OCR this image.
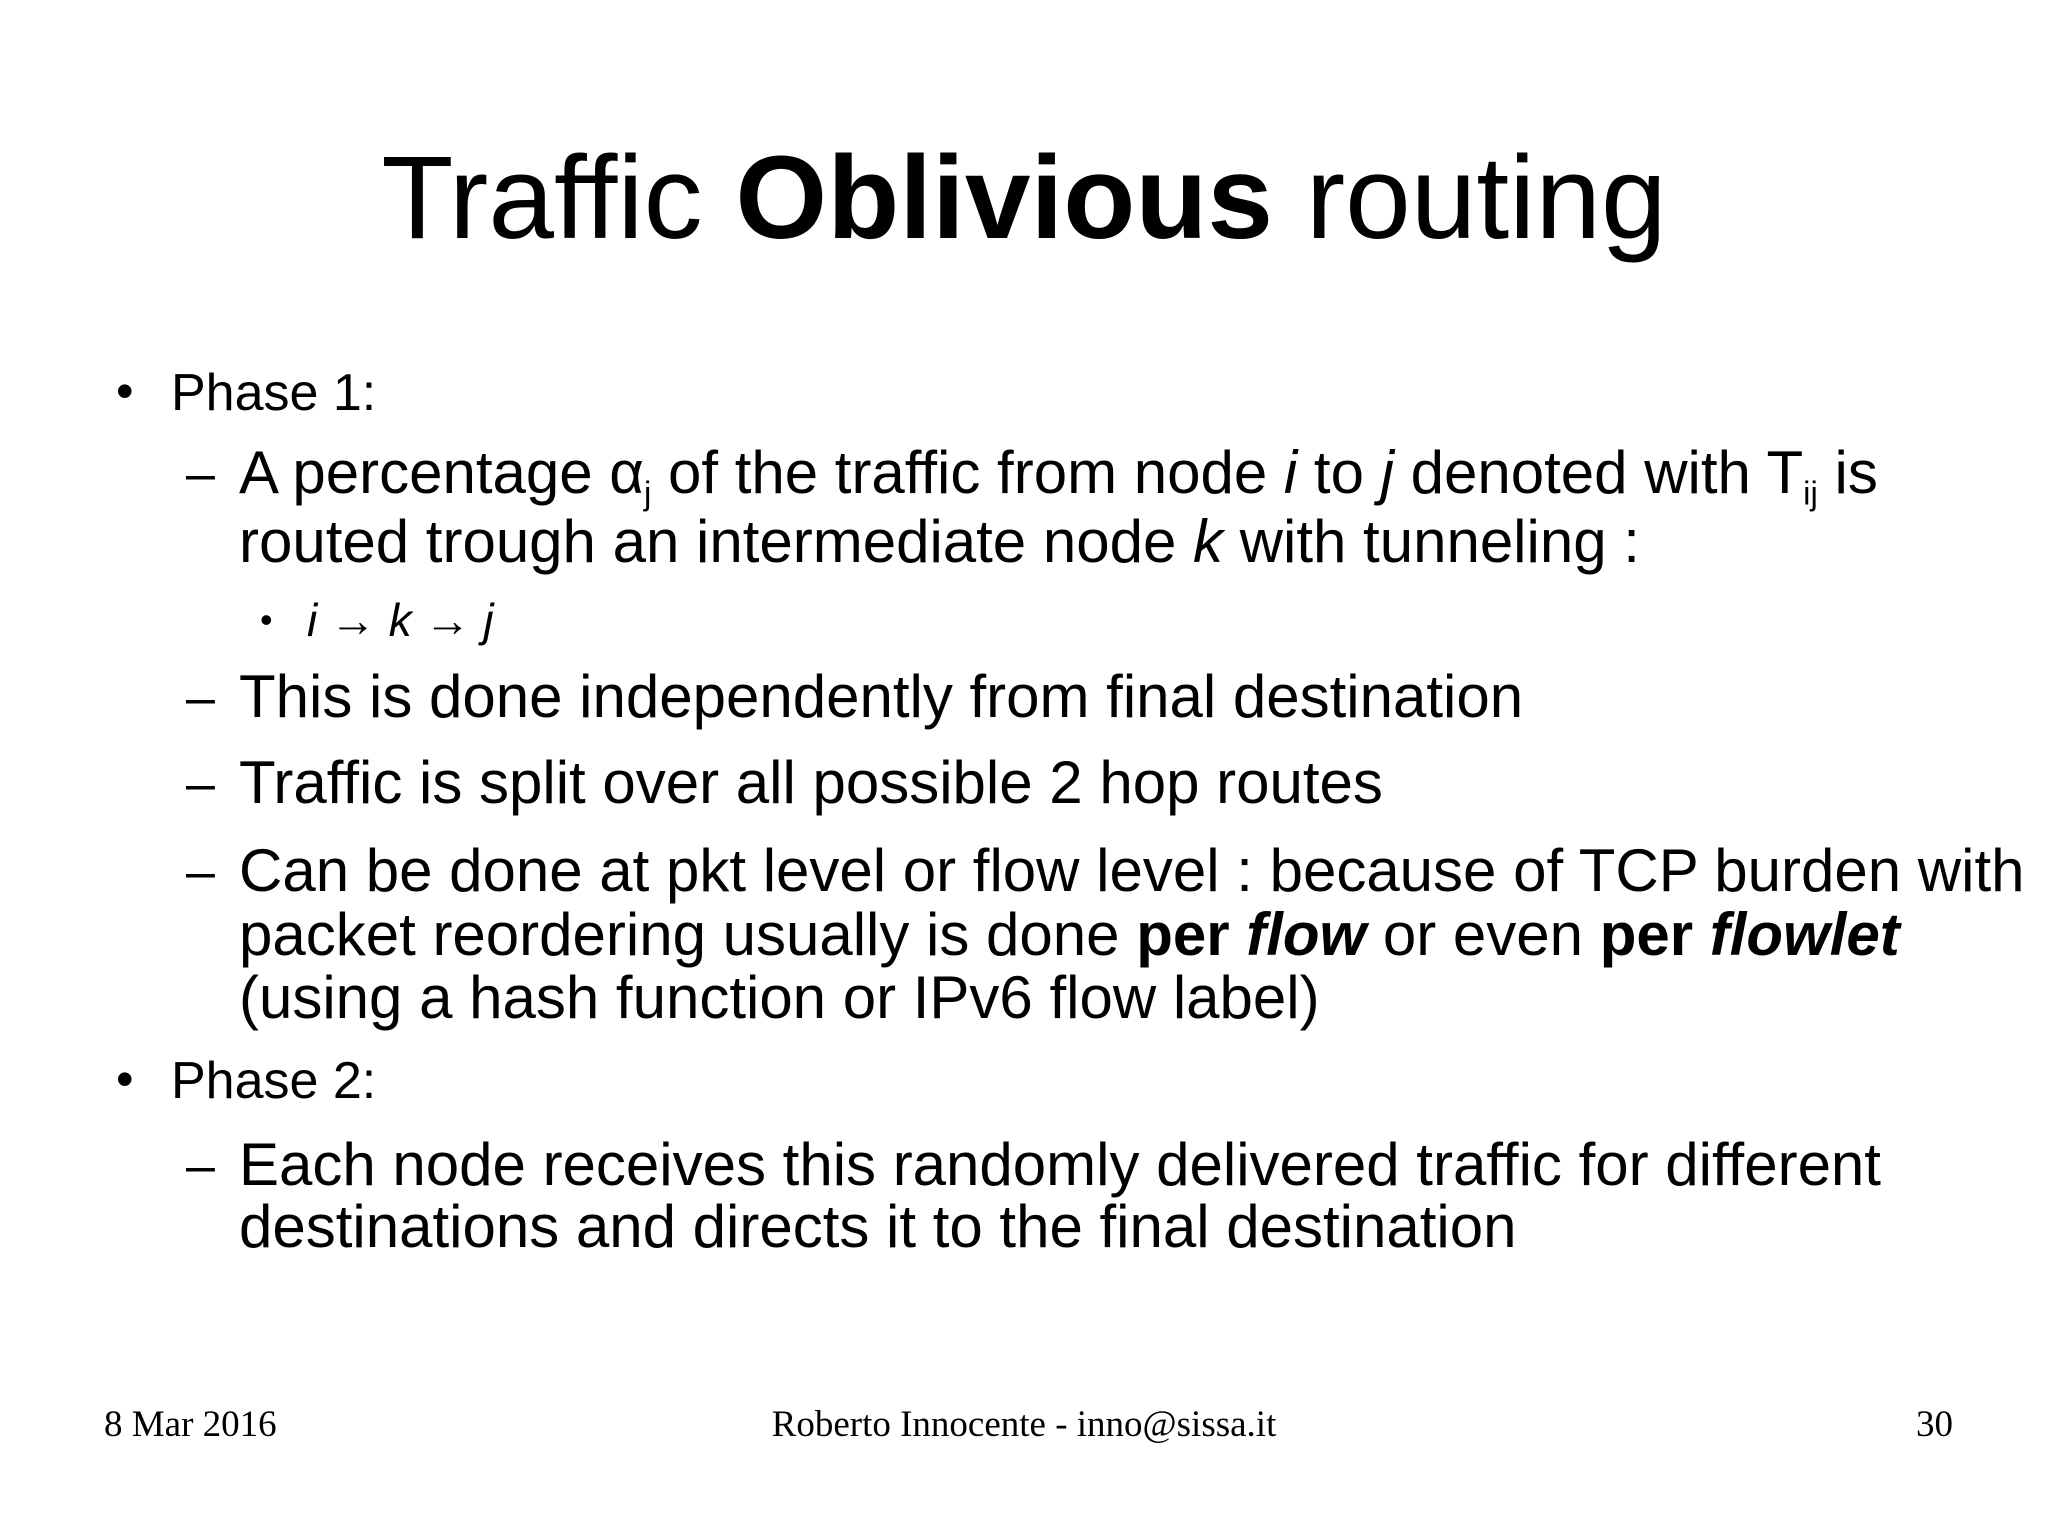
Traffic Oblivious routing
• Phase 1:
– A percentage $\alpha_j$ of the traffic from node i to j denoted with $T_{ij}$ is
routed trough an intermediate node k with tunneling :
• i → k → j
– This is done independently from final destination
– Traffic is split over all possible 2 hop routes
– Can be done at pkt level or flow level : because of TCP burden with
packet reordering usually is done per flow or even per flowlet
(using a hash function or IPv6 flow label)
• Phase 2:
– Each node receives this randomly delivered traffic for different
destinations and directs it to the final destination
8 Mar 2016	Roberto Innocente - inno@sissa.it	30
